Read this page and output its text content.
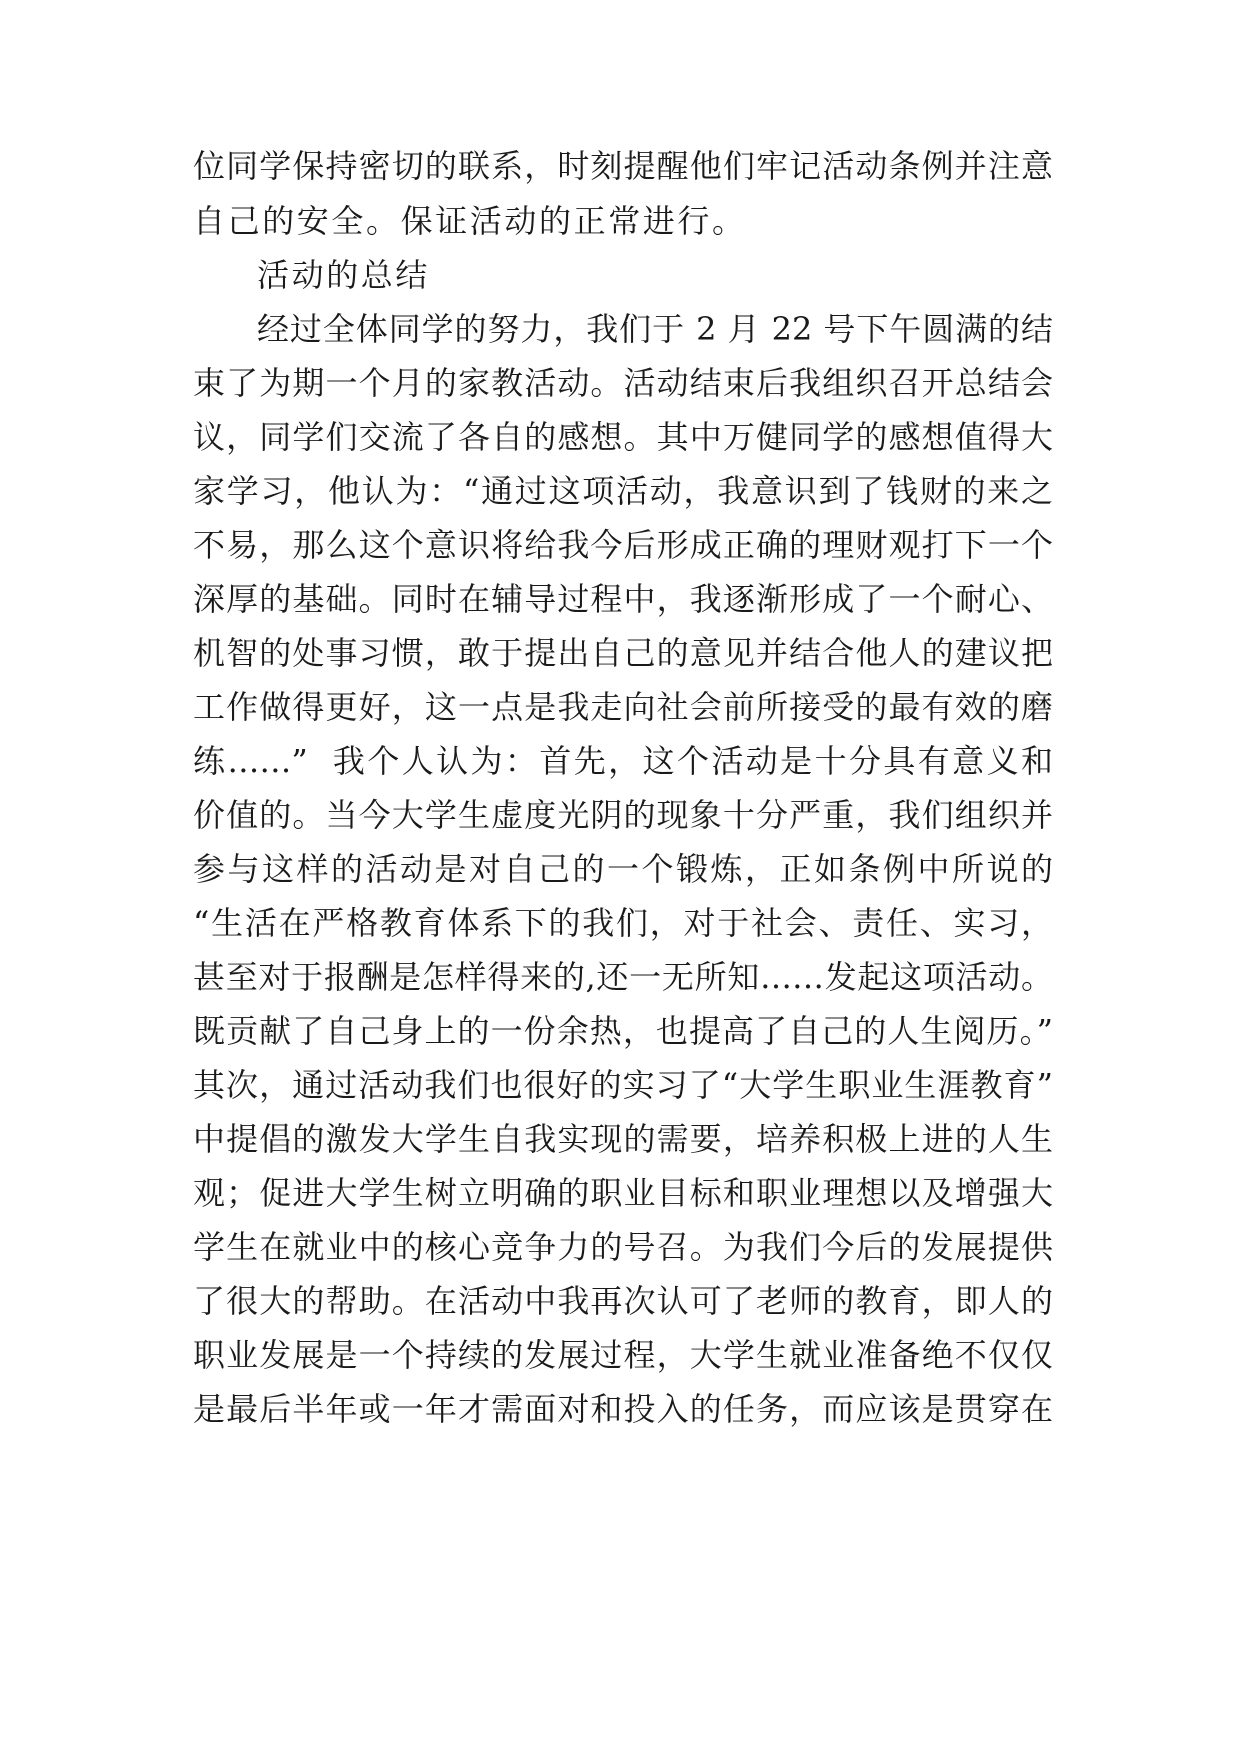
位同学保持密切的联系，时刻提醒他们牢记活动条例并注意
自己的安全。保证活动的正常进行。
活动的总结
经过全体同学的努力，我们于 2 月 22 号下午圆满的结
束了为期一个月的家教活动。活动结束后我组织召开总结会
议，同学们交流了各自的感想。其中万健同学的感想值得大
家学习，他认为：“通过这项活动，我意识到了钱财的来之
不易，那么这个意识将给我今后形成正确的理财观打下一个
深厚的基础。同时在辅导过程中，我逐渐形成了一个耐心、
机智的处事习惯，敢于提出自己的意见并结合他人的建议把
工作做得更好，这一点是我走向社会前所接受的最有效的磨
练……”  我个人认为：首先，这个活动是十分具有意义和
价值的。当今大学生虚度光阴的现象十分严重，我们组织并
参与这样的活动是对自己的一个锻炼，正如条例中所说的
“生活在严格教育体系下的我们，对于社会、责任、实习，
甚至对于报酬是怎样得来的,还一无所知……发起这项活动。
既贡献了自己身上的一份余热，也提高了自己的人生阅历。”
其次，通过活动我们也很好的实习了“大学生职业生涯教育”
中提倡的激发大学生自我实现的需要，培养积极上进的人生
观；促进大学生树立明确的职业目标和职业理想以及增强大
学生在就业中的核心竞争力的号召。为我们今后的发展提供
了很大的帮助。在活动中我再次认可了老师的教育，即人的
职业发展是一个持续的发展过程，大学生就业准备绝不仅仅
是最后半年或一年才需面对和投入的任务，而应该是贯穿在
